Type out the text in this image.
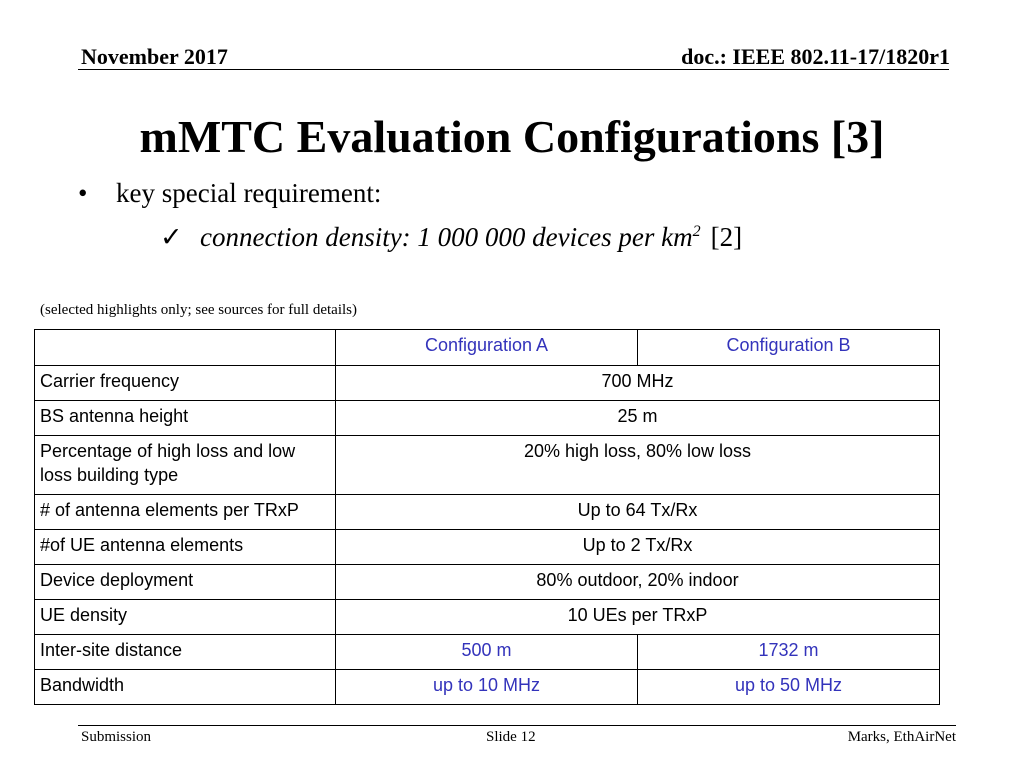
November 2017	doc.: IEEE 802.11-17/1820r1
mMTC Evaluation Configurations [3]
• key special requirement:
✓ connection density: 1 000 000 devices per $km^2$ [2]
(selected highlights only; see sources for full details)
	Configuration A	Configuration B
Carrier frequency	700 MHz	
BS antenna height	25 m	
Percentage of high loss and low loss building type	20% high loss, 80% low loss	
# of antenna elements per TRxP	Up to 64 Tx/Rx	
#of UE antenna elements	Up to 2 Tx/Rx	
Device deployment	80% outdoor, 20% indoor	
UE density	10 UEs per TRxP	
Inter-site distance	500 m	1732 m
Bandwidth	up to 10 MHz	up to 50 MHz
Submission	Slide 12	Marks, EthAirNet
